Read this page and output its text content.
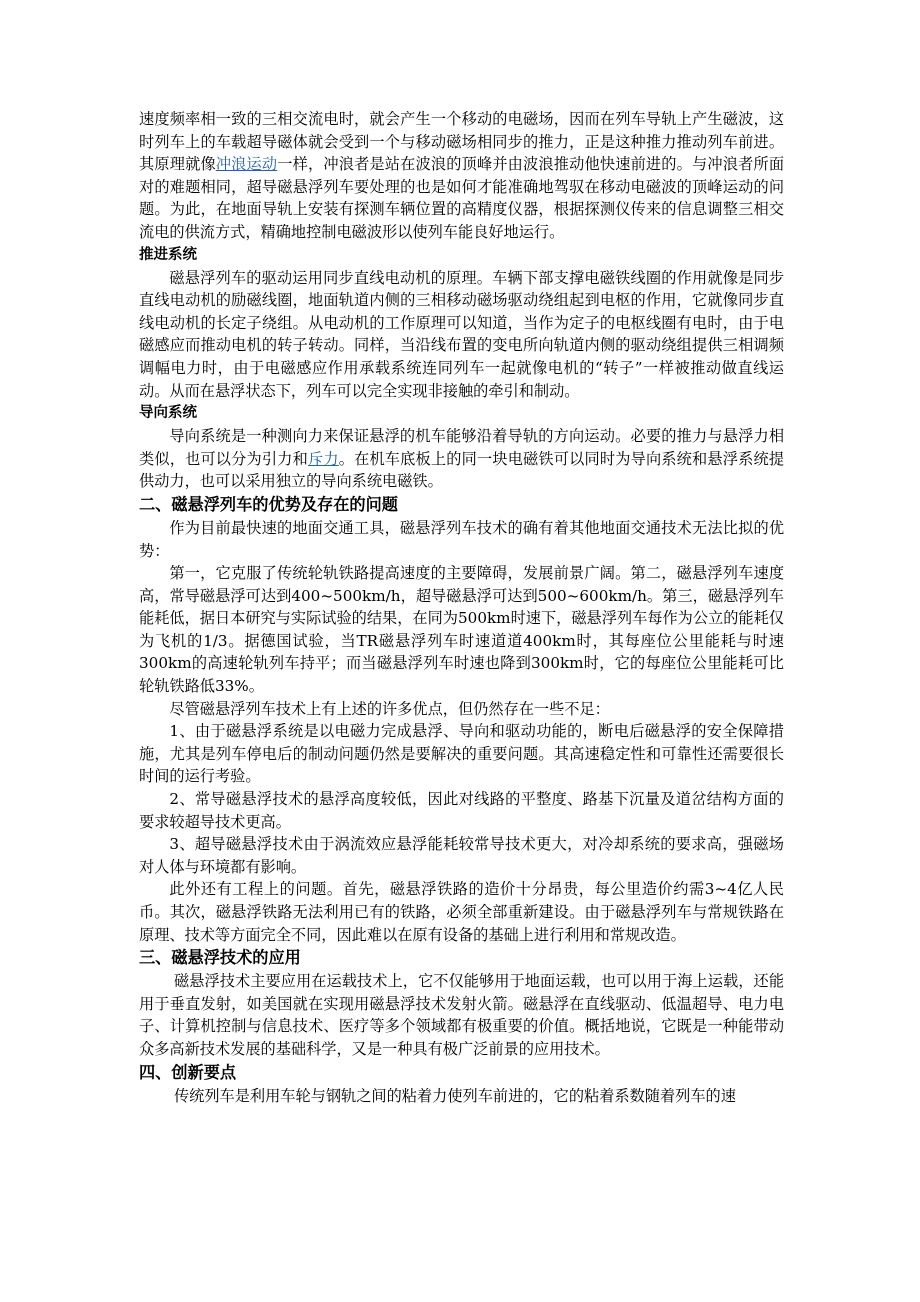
速度频率相一致的三相交流电时，就会产生一个移动的电磁场，因而在列车导轨上产生磁波，这时列车上的车载超导磁体就会受到一个与移动磁场相同步的推力，正是这种推力推动列车前进。其原理就像冲浪运动一样，冲浪者是站在波浪的顶峰并由波浪推动他快速前进的。与冲浪者所面对的难题相同，超导磁悬浮列车要处理的也是如何才能准确地驾驭在移动电磁波的顶峰运动的问题。为此，在地面导轨上安装有探测车辆位置的高精度仪器，根据探测仪传来的信息调整三相交流电的供流方式，精确地控制电磁波形以使列车能良好地运行。

推进系统

磁悬浮列车的驱动运用同步直线电动机的原理。车辆下部支撑电磁铁线圈的作用就像是同步直线电动机的励磁线圈，地面轨道内侧的三相移动磁场驱动绕组起到电枢的作用，它就像同步直线电动机的长定子绕组。从电动机的工作原理可以知道，当作为定子的电枢线圈有电时，由于电磁感应而推动电机的转子转动。同样，当沿线布置的变电所向轨道内侧的驱动绕组提供三相调频调幅电力时，由于电磁感应作用承载系统连同列车一起就像电机的“转子”一样被推动做直线运动。从而在悬浮状态下，列车可以完全实现非接触的牵引和制动。

导向系统

导向系统是一种测向力来保证悬浮的机车能够沿着导轨的方向运动。必要的推力与悬浮力相类似，也可以分为引力和斥力。在机车底板上的同一块电磁铁可以同时为导向系统和悬浮系统提供动力，也可以采用独立的导向系统电磁铁。

二、磁悬浮列车的优势及存在的问题

作为目前最快速的地面交通工具，磁悬浮列车技术的确有着其他地面交通技术无法比拟的优势：

第一，它克服了传统轮轨铁路提高速度的主要障碍，发展前景广阔。第二，磁悬浮列车速度高，常导磁悬浮可达到400~500km/h，超导磁悬浮可达到500~600km/h。第三，磁悬浮列车能耗低，据日本研究与实际试验的结果，在同为500km时速下，磁悬浮列车每作为公立的能耗仅为飞机的1/3。据德国试验，当TR磁悬浮列车时速道道400km时，其每座位公里能耗与时速300km的高速轮轨列车持平；而当磁悬浮列车时速也降到300km时，它的每座位公里能耗可比轮轨铁路低33%。

尽管磁悬浮列车技术上有上述的许多优点，但仍然存在一些不足：

1、由于磁悬浮系统是以电磁力完成悬浮、导向和驱动功能的，断电后磁悬浮的安全保障措施，尤其是列车停电后的制动问题仍然是要解决的重要问题。其高速稳定性和可靠性还需要很长时间的运行考验。

2、常导磁悬浮技术的悬浮高度较低，因此对线路的平整度、路基下沉量及道岔结构方面的要求较超导技术更高。

3、超导磁悬浮技术由于涡流效应悬浮能耗较常导技术更大，对冷却系统的要求高，强磁场对人体与环境都有影响。

此外还有工程上的问题。首先，磁悬浮铁路的造价十分昂贵，每公里造价约需3~4亿人民币。其次，磁悬浮铁路无法利用已有的铁路，必须全部重新建设。由于磁悬浮列车与常规铁路在原理、技术等方面完全不同，因此难以在原有设备的基础上进行利用和常规改造。

三、磁悬浮技术的应用

磁悬浮技术主要应用在运载技术上，它不仅能够用于地面运载，也可以用于海上运载，还能用于垂直发射，如美国就在实现用磁悬浮技术发射火箭。磁悬浮在直线驱动、低温超导、电力电子、计算机控制与信息技术、医疗等多个领域都有极重要的价值。概括地说，它既是一种能带动众多高新技术发展的基础科学，又是一种具有极广泛前景的应用技术。

四、创新要点

传统列车是利用车轮与钢轨之间的粘着力使列车前进的，它的粘着系数随着列车的速
